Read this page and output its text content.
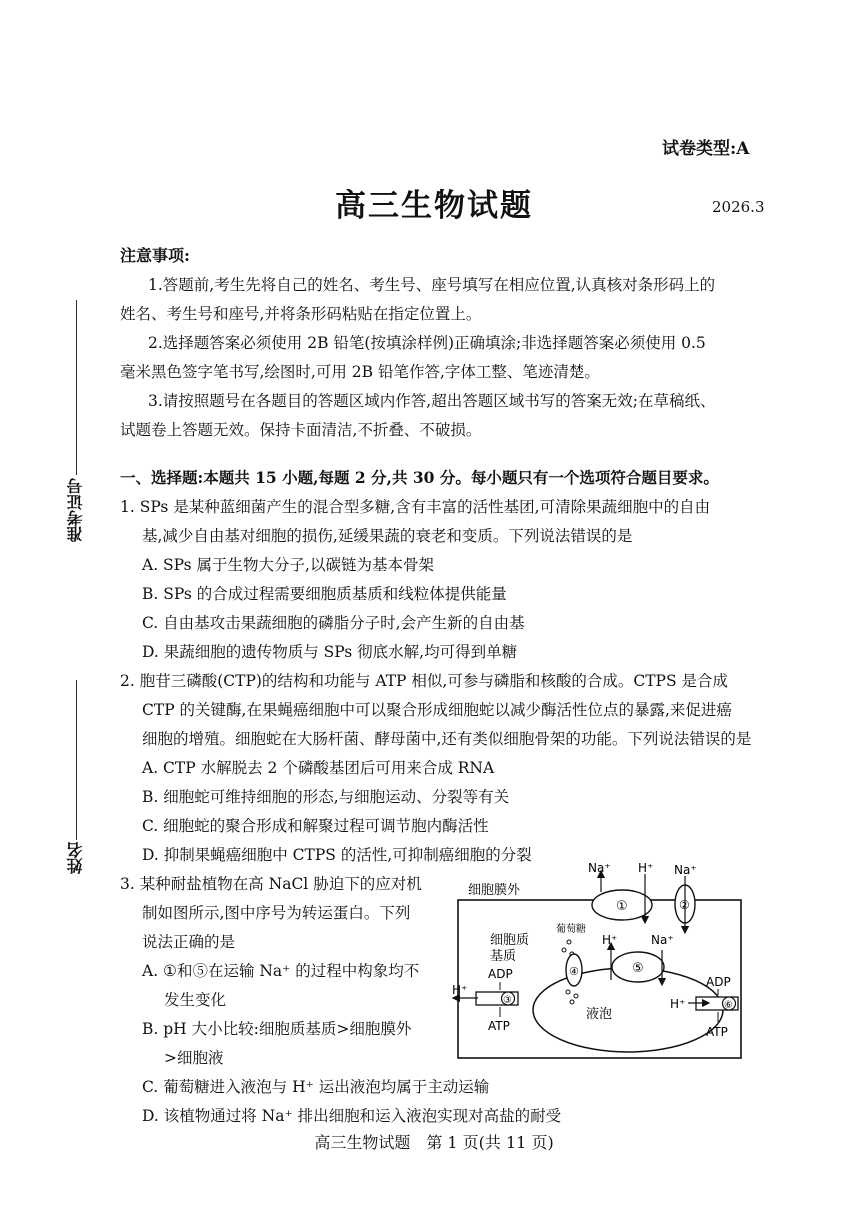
试卷类型:A
高三生物试题	2026.3
注意事项:
1.答题前,考生先将自己的姓名、考生号、座号填写在相应位置,认真核对条形码上的
姓名、考生号和座号,并将条形码粘贴在指定位置上。
2.选择题答案必须使用 2B 铅笔(按填涂样例)正确填涂;非选择题答案必须使用 0.5
毫米黑色签字笔书写,绘图时,可用 2B 铅笔作答,字体工整、笔迹清楚。
3.请按照题号在各题目的答题区域内作答,超出答题区域书写的答案无效;在草稿纸、
试题卷上答题无效。保持卡面清洁,不折叠、不破损。
准考证号
姓名
一、选择题:本题共 15 小题,每题 2 分,共 30 分。每小题只有一个选项符合题目要求。
1. SPs 是某种蓝细菌产生的混合型多糖,含有丰富的活性基团,可清除果蔬细胞中的自由
基,减少自由基对细胞的损伤,延缓果蔬的衰老和变质。下列说法错误的是
A. SPs 属于生物大分子,以碳链为基本骨架
B. SPs 的合成过程需要细胞质基质和线粒体提供能量
C. 自由基攻击果蔬细胞的磷脂分子时,会产生新的自由基
D. 果蔬细胞的遗传物质与 SPs 彻底水解,均可得到单糖
2. 胞苷三磷酸(CTP)的结构和功能与 ATP 相似,可参与磷脂和核酸的合成。CTPS 是合成
CTP 的关键酶,在果蝇癌细胞中可以聚合形成细胞蛇以减少酶活性位点的暴露,来促进癌
细胞的增殖。细胞蛇在大肠杆菌、酵母菌中,还有类似细胞骨架的功能。下列说法错误的是
A. CTP 水解脱去 2 个磷酸基团后可用来合成 RNA
B. 细胞蛇可维持细胞的形态,与细胞运动、分裂等有关
C. 细胞蛇的聚合形成和解聚过程可调节胞内酶活性
D. 抑制果蝇癌细胞中 CTPS 的活性,可抑制癌细胞的分裂
3. 某种耐盐植物在高 NaCl 胁迫下的应对机
制如图所示,图中序号为转运蛋白。下列
说法正确的是
A. ①和⑤在运输 Na⁺ 的过程中构象均不
发生变化
B. pH 大小比较:细胞质基质>细胞膜外
>细胞液
C. 葡萄糖进入液泡与 H⁺ 运出液泡均属于主动运输
D. 该植物通过将 Na⁺ 排出细胞和运入液泡实现对高盐的耐受
细胞膜外
①
Na⁺ H⁺
②
Na⁺
细胞质
基质
葡萄糖
H⁺	Na⁺
液泡
⑤
④
③
H⁺
ADP
ATP
⑥
H⁺
ADP
ATP
高三生物试题　第 1 页(共 11 页)
